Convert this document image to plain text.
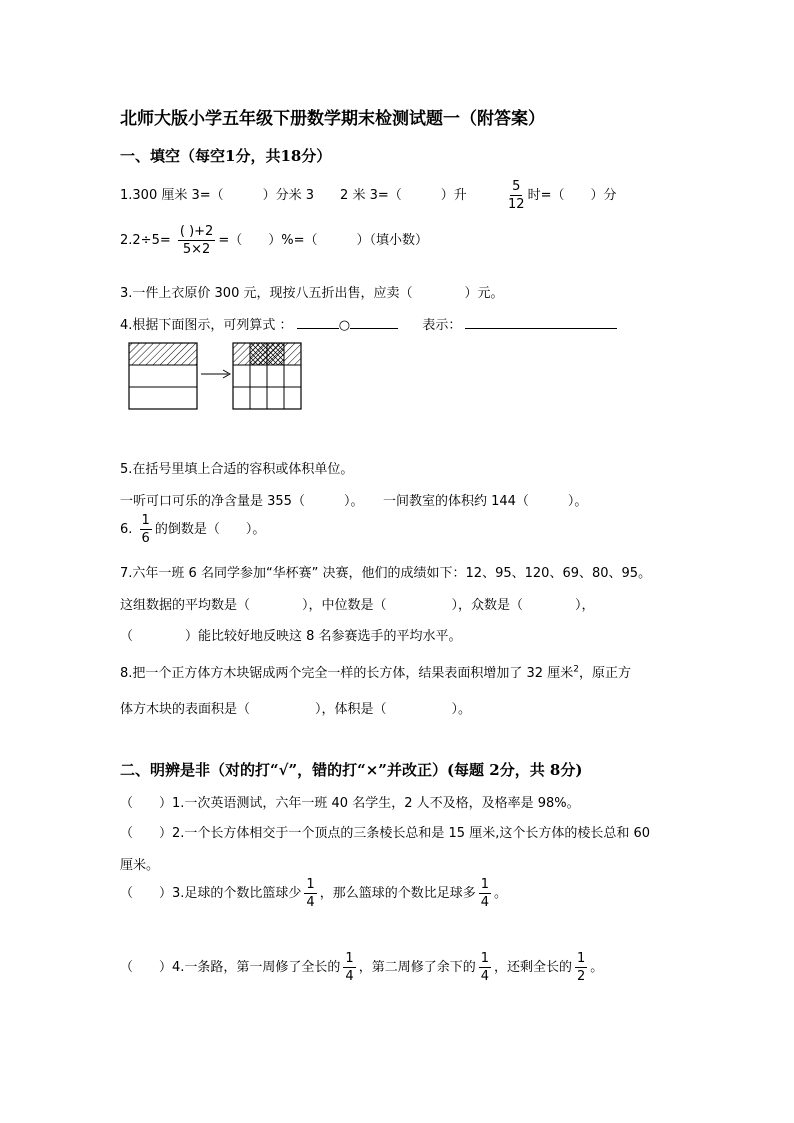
北师大版小学五年级下册数学期末检测试题一（附答案）
一、填空（每空1分，共18分）
1.300 厘米 3=（　　　）分米 3　　2 米 3=（　　　）升	$\frac{5}{12}$ 时=（　　）分
$2.2\div 5= \frac{( )+2}{5\times 2}$ =（　　）%=（　　　）（填小数）
3.一件上衣原价 300 元，现按八五折出售，应卖（　　　　）元。
4.根据下面图示，可列算式 ：	○	表示：
5.在括号里填上合适的容积或体积单位。
一听可口可乐的净含量是 355（　　　）。　　一间教室的体积约 144（　　　）。
6. $\frac{1}{6}$ 的倒数是（　　）。
7.六年一班 6 名同学参加“华杯赛” 决赛，他们的成绩如下：12、95、120、69、80、95。
这组数据的平均数是（　　　　），中位数是（　　　　　），众数是（　　　　），
（　　　　）能比较好地反映这 8 名参赛选手的平均水平。
8.把一个正方体方木块锯成两个完全一样的长方体，结果表面积增加了 32 厘米$^2$，原正方
体方木块的表面积是（　　　　　），体积是（　　　　　）。
二、明辨是非（对的打“√”，错的打“×”并改正）(每题 2分，共 8分)
（　　）1.一次英语测试，六年一班 40 名学生，2 人不及格，及格率是 98%。
（　　）2.一个长方体相交于一个顶点的三条棱长总和是 15 厘米,这个长方体的棱长总和 60
厘米。
（　　）3.足球的个数比篮球少 $\frac{1}{4}$ ，那么篮球的个数比足球多 $\frac{1}{4}$ 。
（　　）4.一条路，第一周修了全长的 $\frac{1}{4}$ ，第二周修了余下的 $\frac{1}{4}$ ，还剩全长的 $\frac{1}{2}$ 。
